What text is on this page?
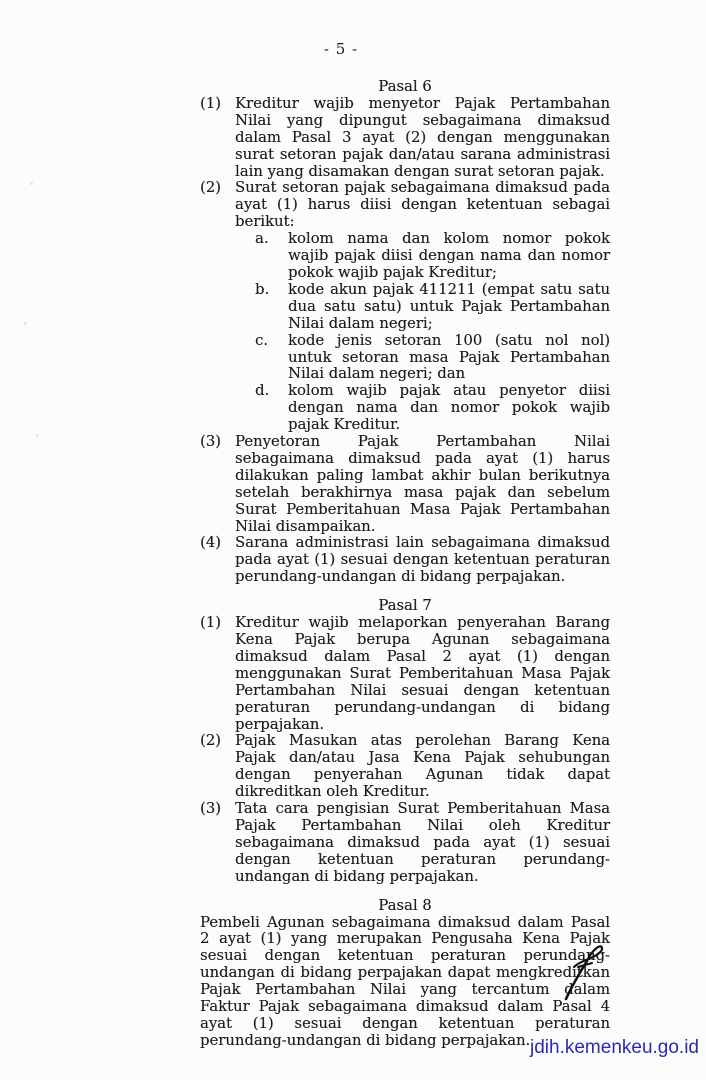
- 5 -
Pasal 6
(1) Kreditur wajib menyetor Pajak Pertambahan Nilai yang dipungut sebagaimana dimaksud dalam Pasal 3 ayat (2) dengan menggunakan surat setoran pajak dan/atau sarana administrasi lain yang disamakan dengan surat setoran pajak.
(2) Surat setoran pajak sebagaimana dimaksud pada ayat (1) harus diisi dengan ketentuan sebagai berikut:
a.	kolom nama dan kolom nomor pokok wajib pajak diisi dengan nama dan nomor pokok wajib pajak Kreditur;
b.	kode akun pajak 411211 (empat satu satu dua satu satu) untuk Pajak Pertambahan Nilai dalam negeri;
c.	kode jenis setoran 100 (satu nol nol) untuk setoran masa Pajak Pertambahan Nilai dalam negeri; dan
d.	kolom wajib pajak atau penyetor diisi dengan nama dan nomor pokok wajib pajak Kreditur.
(3) Penyetoran Pajak Pertambahan Nilai sebagaimana dimaksud pada ayat (1) harus dilakukan paling lambat akhir bulan berikutnya setelah berakhirnya masa pajak dan sebelum Surat Pemberitahuan Masa Pajak Pertambahan Nilai disampaikan.
(4) Sarana administrasi lain sebagaimana dimaksud pada ayat (1) sesuai dengan ketentuan peraturan perundang-undangan di bidang perpajakan.
Pasal 7
(1) Kreditur wajib melaporkan penyerahan Barang Kena Pajak berupa Agunan sebagaimana dimaksud dalam Pasal 2 ayat (1) dengan menggunakan Surat Pemberitahuan Masa Pajak Pertambahan Nilai sesuai dengan ketentuan peraturan perundang-undangan di bidang perpajakan.
(2) Pajak Masukan atas perolehan Barang Kena Pajak dan/atau Jasa Kena Pajak sehubungan dengan penyerahan Agunan tidak dapat dikreditkan oleh Kreditur.
(3) Tata cara pengisian Surat Pemberitahuan Masa Pajak Pertambahan Nilai oleh Kreditur sebagaimana dimaksud pada ayat (1) sesuai dengan ketentuan peraturan perundang-undangan di bidang perpajakan.
Pasal 8
Pembeli Agunan sebagaimana dimaksud dalam Pasal 2 ayat (1) yang merupakan Pengusaha Kena Pajak sesuai dengan ketentuan peraturan perundang-undangan di bidang perpajakan dapat mengkreditkan Pajak Pertambahan Nilai yang tercantum dalam Faktur Pajak sebagaimana dimaksud dalam Pasal 4 ayat (1) sesuai dengan ketentuan peraturan perundang-undangan di bidang perpajakan. jdih.kemenkeu.go.id
